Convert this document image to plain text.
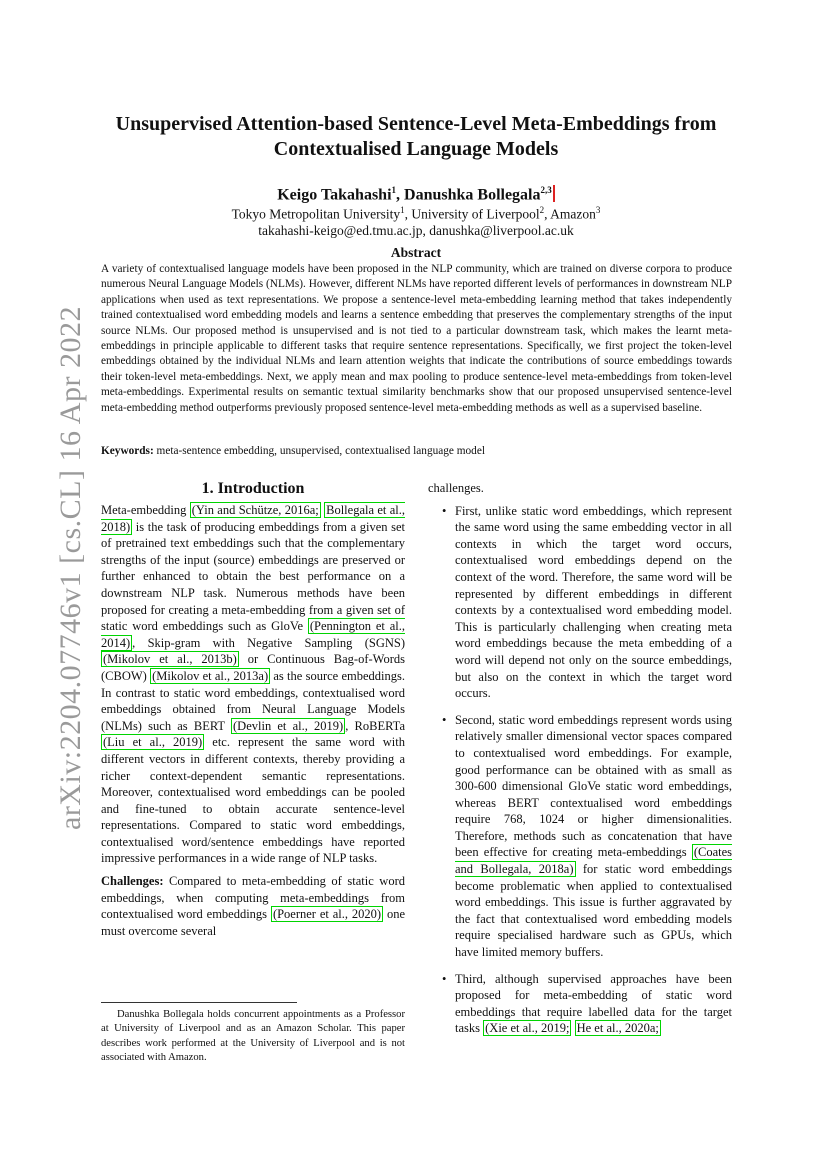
arXiv:2204.07746v1 [cs.CL] 16 Apr 2022
Unsupervised Attention-based Sentence-Level Meta-Embeddings from Contextualised Language Models
Keigo Takahashi$^1$, Danushka Bollegala$^{2,3}$
Tokyo Metropolitan University$^1$, University of Liverpool$^2$, Amazon$^3$
takahashi-keigo@ed.tmu.ac.jp, danushka@liverpool.ac.uk
Abstract
A variety of contextualised language models have been proposed in the NLP community, which are trained on diverse corpora to produce numerous Neural Language Models (NLMs). However, different NLMs have reported different levels of performances in downstream NLP applications when used as text representations. We propose a sentence-level meta-embedding learning method that takes independently trained contextualised word embedding models and learns a sentence embedding that preserves the complementary strengths of the input source NLMs. Our proposed method is unsupervised and is not tied to a particular downstream task, which makes the learnt meta-embeddings in principle applicable to different tasks that require sentence representations. Specifically, we first project the token-level embeddings obtained by the individual NLMs and learn attention weights that indicate the contributions of source embeddings towards their token-level meta-embeddings. Next, we apply mean and max pooling to produce sentence-level meta-embeddings from token-level meta-embeddings. Experimental results on semantic textual similarity benchmarks show that our proposed unsupervised sentence-level meta-embedding method outperforms previously proposed sentence-level meta-embedding methods as well as a supervised baseline.
Keywords: meta-sentence embedding, unsupervised, contextualised language model
1. Introduction

Meta-embedding (Yin and Schütze, 2016a; Bollegala et al., 2018) is the task of producing embeddings from a given set of pretrained text embeddings such that the complementary strengths of the input (source) embeddings are preserved or further enhanced to obtain the best performance on a downstream NLP task. Numerous methods have been proposed for creating a meta-embedding from a given set of static word embeddings such as GloVe (Pennington et al., 2014) , Skip-gram with Negative Sampling (SGNS) (Mikolov et al., 2013b) or Continuous Bag-of-Words (CBOW) (Mikolov et al., 2013a) as the source embeddings. In contrast to static word embeddings, contextualised word embeddings obtained from Neural Language Models (NLMs) such as BERT (Devlin et al., 2019) , RoBERTa (Liu et al., 2019) etc. represent the same word with different vectors in different contexts, thereby providing a richer context-dependent semantic representations. Moreover, contextualised word embeddings can be pooled and fine-tuned to obtain accurate sentence-level representations. Compared to static word embeddings, contextualised word/sentence embeddings have reported impressive performances in a wide range of NLP tasks.

Challenges: Compared to meta-embedding of static word embeddings, when computing meta-embeddings from contextualised word embeddings (Poerner et al., 2020) one must overcome several

challenges.

• First, unlike static word embeddings, which represent the same word using the same embedding vector in all contexts in which the target word occurs, contextualised word embeddings depend on the context of the word. Therefore, the same word will be represented by different embeddings in different contexts by a contextualised word embedding model. This is particularly challenging when creating meta word embeddings because the meta embedding of a word will depend not only on the source embeddings, but also on the context in which the target word occurs.
• Second, static word embeddings represent words using relatively smaller dimensional vector spaces compared to contextualised word embeddings. For example, good performance can be obtained with as small as 300-600 dimensional GloVe static word embeddings, whereas BERT contextualised word embeddings require 768, 1024 or higher dimensionalities. Therefore, methods such as concatenation that have been effective for creating meta-embeddings (Coates and Bollegala, 2018a) for static word embeddings become problematic when applied to contextualised word embeddings. This issue is further aggravated by the fact that contextualised word embedding models require specialised hardware such as GPUs, which have limited memory buffers.
• Third, although supervised approaches have been proposed for meta-embedding of static word embeddings that require labelled data for the target tasks (Xie et al., 2019; He et al., 2020a;
Danushka Bollegala holds concurrent appointments as a Professor at University of Liverpool and as an Amazon Scholar. This paper describes work performed at the University of Liverpool and is not associated with Amazon.
